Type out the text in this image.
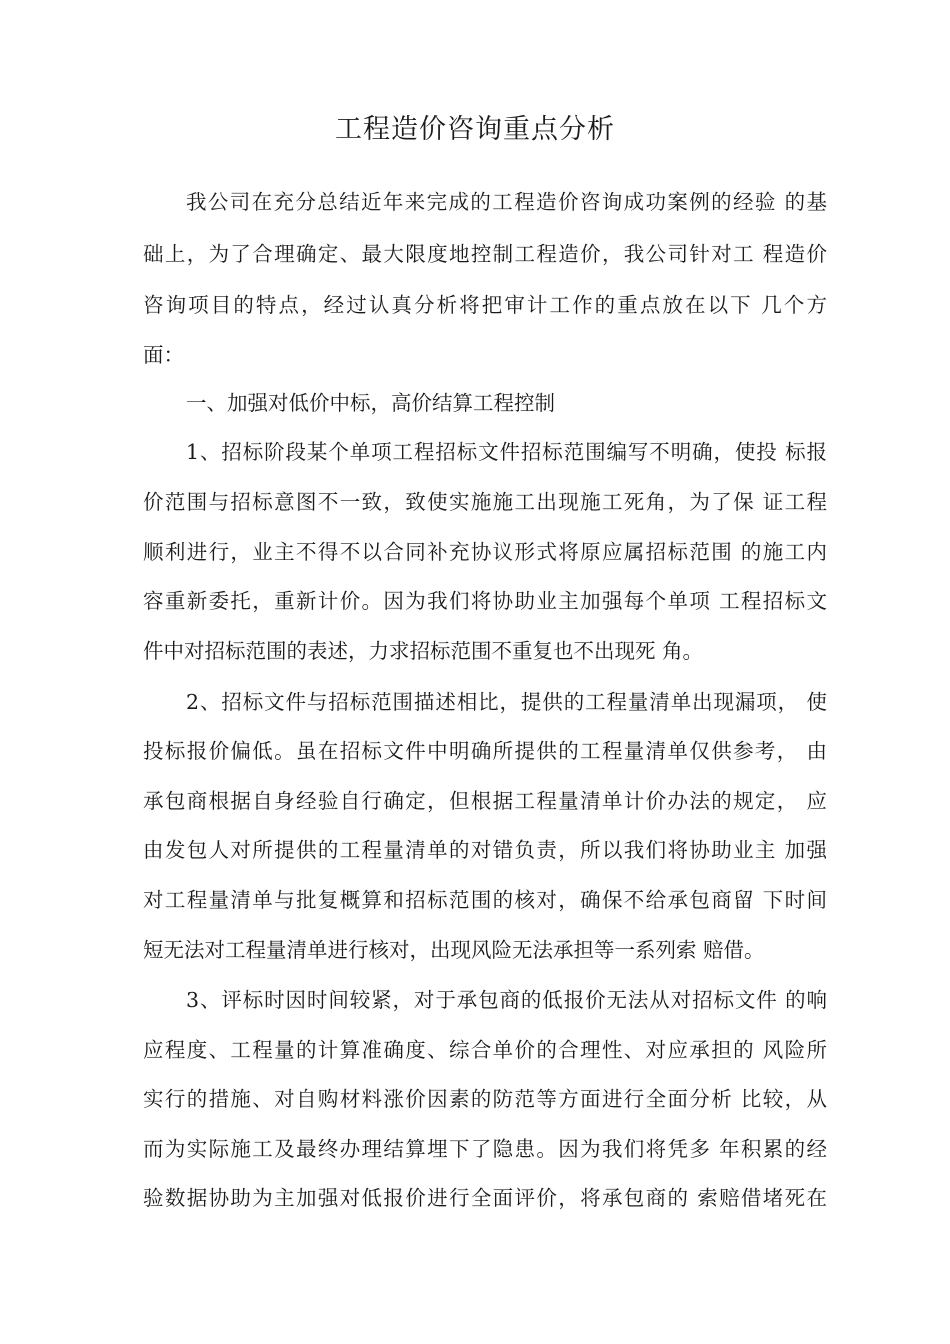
工程造价咨询重点分析
我公司在充分总结近年来完成的工程造价咨询成功案例的经验 的基
础上，为了合理确定、最大限度地控制工程造价，我公司针对工 程造价
咨询项目的特点，经过认真分析将把审计工作的重点放在以下 几个方
面：
一、加强对低价中标，高价结算工程控制
1、招标阶段某个单项工程招标文件招标范围编写不明确，使投 标报
价范围与招标意图不一致，致使实施施工出现施工死角，为了保 证工程
顺利进行，业主不得不以合同补充协议形式将原应属招标范围 的施工内
容重新委托，重新计价。因为我们将协助业主加强每个单项 工程招标文
件中对招标范围的表述，力求招标范围不重复也不出现死 角。
2、招标文件与招标范围描述相比，提供的工程量清单出现漏项， 使
投标报价偏低。虽在招标文件中明确所提供的工程量清单仅供参考， 由
承包商根据自身经验自行确定，但根据工程量清单计价办法的规定， 应
由发包人对所提供的工程量清单的对错负责，所以我们将协助业主 加强
对工程量清单与批复概算和招标范围的核对，确保不给承包商留 下时间
短无法对工程量清单进行核对，出现风险无法承担等一系列索 赔借。
3、评标时因时间较紧，对于承包商的低报价无法从对招标文件 的响
应程度、工程量的计算准确度、综合单价的合理性、对应承担的 风险所
实行的措施、对自购材料涨价因素的防范等方面进行全面分析 比较，从
而为实际施工及最终办理结算埋下了隐患。因为我们将凭多 年积累的经
验数据协助为主加强对低报价进行全面评价，将承包商的 索赔借堵死在
